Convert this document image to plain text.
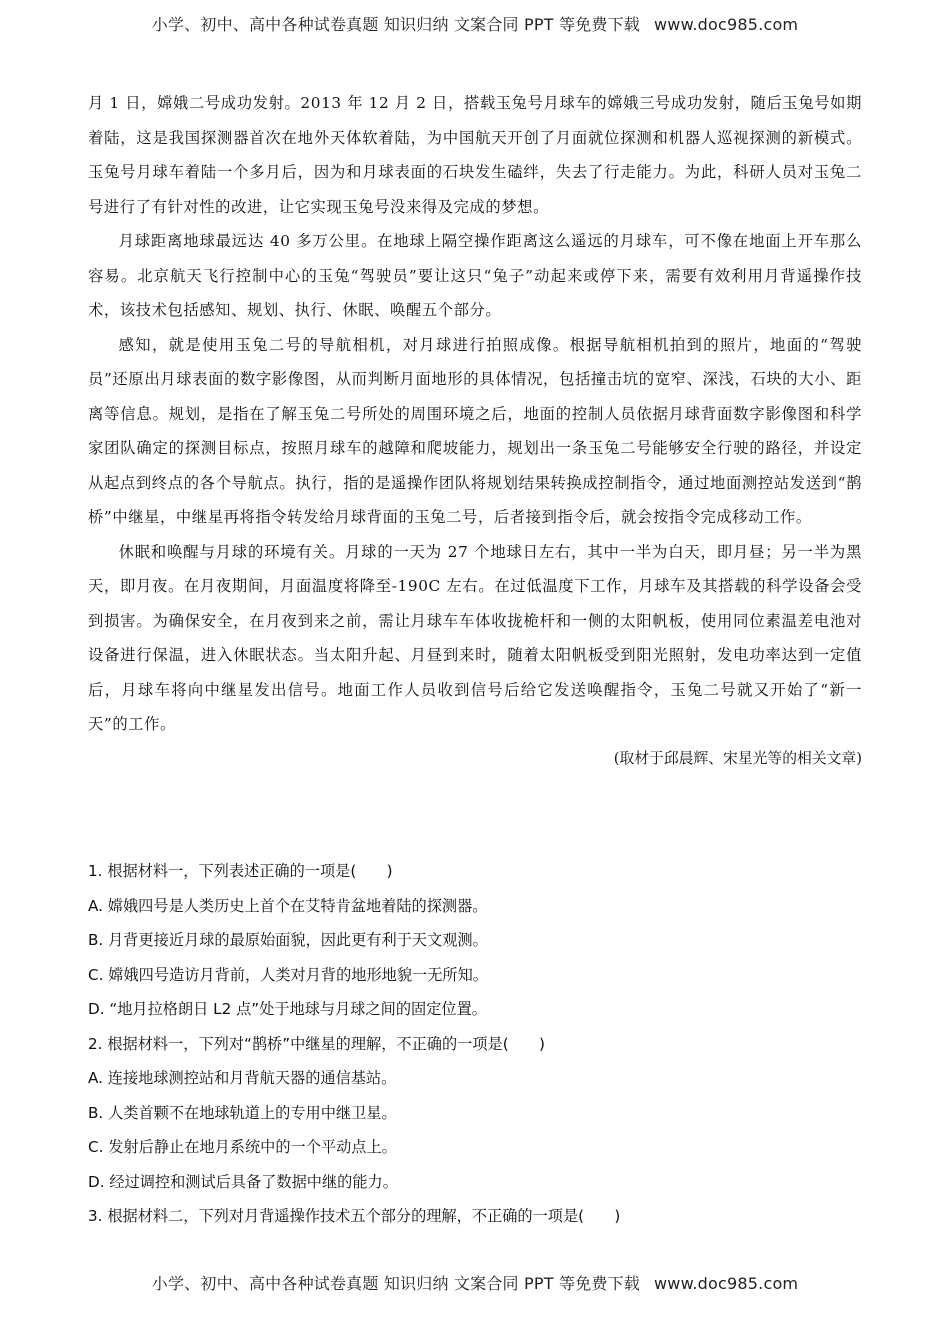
小学、初中、高中各种试卷真题 知识归纳 文案合同 PPT 等免费下载 www.doc985.com

月 1 日，嫦娥二号成功发射。2013 年 12 月 2 日，搭载玉兔号月球车的嫦娥三号成功发射，随后玉兔号如期着陆，这是我国探测器首次在地外天体软着陆，为中国航天开创了月面就位探测和机器人巡视探测的新模式。玉兔号月球车着陆一个多月后，因为和月球表面的石块发生磕绊，失去了行走能力。为此，科研人员对玉兔二号进行了有针对性的改进，让它实现玉兔号没来得及完成的梦想。

月球距离地球最远达 40 多万公里。在地球上隔空操作距离这么遥远的月球车，可不像在地面上开车那么容易。北京航天飞行控制中心的玉兔“驾驶员”要让这只“兔子”动起来或停下来，需要有效利用月背遥操作技术，该技术包括感知、规划、执行、休眠、唤醒五个部分。

感知，就是使用玉兔二号的导航相机，对月球进行拍照成像。根据导航相机拍到的照片，地面的“驾驶员”还原出月球表面的数字影像图，从而判断月面地形的具体情况，包括撞击坑的宽窄、深浅，石块的大小、距离等信息。规划，是指在了解玉兔二号所处的周围环境之后，地面的控制人员依据月球背面数字影像图和科学家团队确定的探测目标点，按照月球车的越障和爬坡能力，规划出一条玉兔二号能够安全行驶的路径，并设定从起点到终点的各个导航点。执行，指的是遥操作团队将规划结果转换成控制指令，通过地面测控站发送到“鹊桥”中继星，中继星再将指令转发给月球背面的玉兔二号，后者接到指令后，就会按指令完成移动工作。

休眠和唤醒与月球的环境有关。月球的一天为 27 个地球日左右，其中一半为白天，即月昼；另一半为黑天，即月夜。在月夜期间，月面温度将降至-190C 左右。在过低温度下工作，月球车及其搭载的科学设备会受到损害。为确保安全，在月夜到来之前，需让月球车车体收拢桅杆和一侧的太阳帆板，使用同位素温差电池对设备进行保温，进入休眠状态。当太阳升起、月昼到来时，随着太阳帆板受到阳光照射，发电功率达到一定值后，月球车将向中继星发出信号。地面工作人员收到信号后给它发送唤醒指令，玉兔二号就又开始了“新一天”的工作。

(取材于邱晨辉、宋星光等的相关文章)

1. 根据材料一，下列表述正确的一项是(　　)

A. 嫦娥四号是人类历史上首个在艾特肯盆地着陆的探测器。

B. 月背更接近月球的最原始面貌，因此更有利于天文观测。

C. 嫦娥四号造访月背前，人类对月背的地形地貌一无所知。

D. “地月拉格朗日 L2 点”处于地球与月球之间的固定位置。

2. 根据材料一，下列对“鹊桥”中继星的理解，不正确的一项是(　　)

A. 连接地球测控站和月背航天器的通信基站。

B. 人类首颗不在地球轨道上的专用中继卫星。

C. 发射后静止在地月系统中的一个平动点上。

D. 经过调控和测试后具备了数据中继的能力。

3. 根据材料二，下列对月背遥操作技术五个部分的理解，不正确的一项是(　　)

小学、初中、高中各种试卷真题 知识归纳 文案合同 PPT 等免费下载 www.doc985.com
